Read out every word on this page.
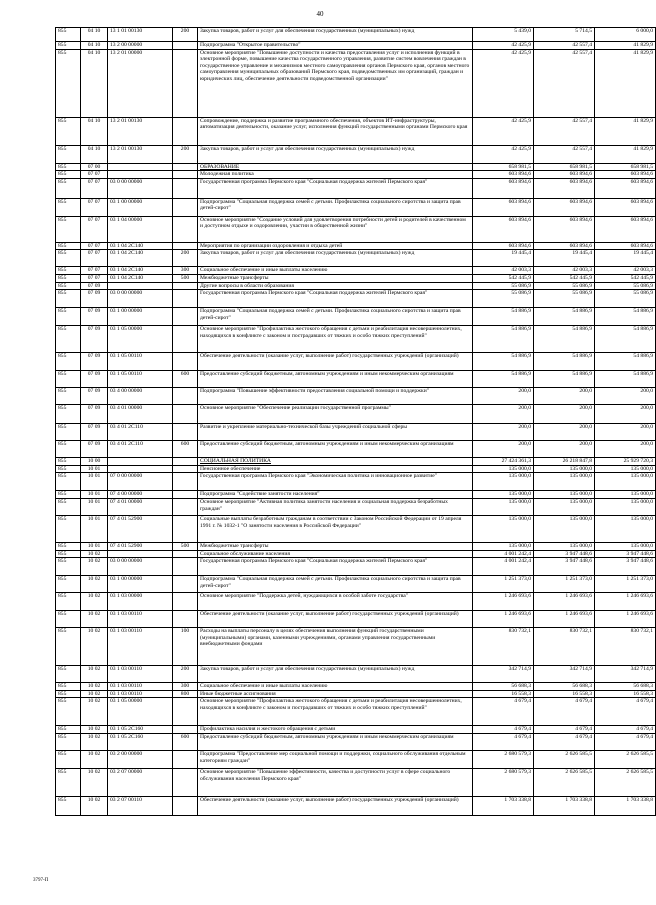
40
855	04 10	13 1 01 00130	200	Закупка товаров, работ и услуг для обеспечения государственных (муниципальных) нужд	5 439,0	5 714,5	6 000,0
855	04 10	13 2 00 00000		Подпрограмма "Открытое правительство"	42 425,9	42 557,4	41 829,9
855	04 10	13 2 01 00000		Основное мероприятие "Повышение доступности и качества предоставления услуг и исполнения функций в электронной форме, повышение качества государственного управления, развитие систем вовлечения граждан в государственное управление и механизмов местного самоуправления органов Пермского края, органов местного самоуправления муниципальных образований Пермского края, подведомственных им организаций, граждан и юридических лиц, обеспечение деятельности подведомственной организации"	42 425,9	42 557,4	41 829,9
855	04 10	13 2 01 00130		Сопровождение, поддержка и развитие программного обеспечения, объектов ИТ-инфраструктуры, автоматизация деятельности, оказание услуг, исполнения функций государственными органами Пермского края	42 425,9	42 557,4	41 829,9
855	04 10	13 2 01 00130	200	Закупка товаров, работ и услуг для обеспечения государственных (муниципальных) нужд	42 425,9	42 557,4	41 829,9
855	07 00			ОБРАЗОВАНИЕ	658 981,5	658 981,5	658 981,5
855	07 07			Молодежная политика	603 894,6	603 894,6	603 894,6
855	07 07	03 0 00 00000		Государственная программа Пермского края "Социальная поддержка жителей Пермского края"	603 894,6	603 894,6	603 894,6
855	07 07	03 1 00 00000		Подпрограмма "Социальная поддержка семей с детьми. Профилактика социального сиротства и защита прав детей-сирот"	603 894,6	603 894,6	603 894,6
855	07 07	03 1 04 00000		Основное мероприятие "Создание условий для удовлетворения потребности детей и родителей в качественном и доступном отдыхе и оздоровлении, участии в общественной жизни"	603 894,6	603 894,6	603 894,6
855	07 07	03 1 04 2С140		Мероприятия по организации оздоровления и отдыха детей	603 894,6	603 894,6	603 894,6
855	07 07	03 1 04 2С140	200	Закупка товаров, работ и услуг для обеспечения государственных (муниципальных) нужд	19 445,4	19 445,4	19 445,4
855	07 07	03 1 04 2С140	300	Социальное обеспечение и иные выплаты населению	42 003,3	42 003,3	42 003,3
855	07 07	03 1 04 2С140	500	Межбюджетные трансферты	542 445,9	542 445,9	542 445,9
855	07 09			Другие вопросы в области образования	55 086,9	55 086,9	55 086,9
855	07 09	03 0 00 00000		Государственная программа Пермского края "Социальная поддержка жителей Пермского края"	55 086,9	55 086,9	55 086,9
855	07 09	03 1 00 00000		Подпрограмма "Социальная поддержка семей с детьми. Профилактика социального сиротства и защита прав детей-сирот"	54 886,9	54 886,9	54 886,9
855	07 09	03 1 05 00000		Основное мероприятие "Профилактика жестокого обращения с детьми и реабилитация несовершеннолетних, находящихся в конфликте с законом и пострадавших от тяжких и особо тяжких преступлений"	54 886,9	54 886,9	54 886,9
855	07 09	03 1 05 00110		Обеспечение деятельности (оказание услуг, выполнение работ) государственных учреждений (организаций)	54 886,9	54 886,9	54 886,9
855	07 09	03 1 05 00110	600	Предоставление субсидий бюджетным, автономным учреждениям и иным некоммерческим организациям	54 886,9	54 886,9	54 886,9
855	07 09	03 4 00 00000		Подпрограмма "Повышение эффективности предоставления социальной помощи и поддержки"	200,0	200,0	200,0
855	07 09	03 4 01 00000		Основное мероприятие "Обеспечение реализации государственной программы"	200,0	200,0	200,0
855	07 09	03 4 01 2С110		Развитие и укрепление материально-технической базы учреждений социальной сферы	200,0	200,0	200,0
855	07 09	03 4 01 2С110	600	Предоставление субсидий бюджетным, автономным учреждениям и иным некоммерческим организациям	200,0	200,0	200,0
855	10 00			СОЦИАЛЬНАЯ ПОЛИТИКА	27 424 361,3	26 218 847,8	25 929 720,3
855	10 01			Пенсионное обеспечение	135 000,0	135 000,0	135 000,0
855	10 01	07 0 00 00000		Государственная программа Пермского края "Экономическая политика и инновационное развитие"	135 000,0	135 000,0	135 000,0
855	10 01	07 4 00 00000		Подпрограмма "Содействие занятости населения"	135 000,0	135 000,0	135 000,0
855	10 01	07 4 01 00000		Основное мероприятие "Активная политика занятости населения и социальная поддержка безработных граждан"	135 000,0	135 000,0	135 000,0
855	10 01	07 4 01 52900		Социальные выплаты безработным гражданам в соответствии с Законом Российской Федерации от 19 апреля 1991 г. № 1032-1 "О занятости населения в Российской Федерации"	135 000,0	135 000,0	135 000,0
855	10 01	07 4 01 52900	500	Межбюджетные трансферты	135 000,0	135 000,0	135 000,0
855	10 02			Социальное обслуживание населения	4 001 242,4	3 947 448,6	3 947 448,6
855	10 02	03 0 00 00000		Государственная программа Пермского края "Социальная поддержка жителей Пермского края"	4 001 242,4	3 947 448,6	3 947 448,6
855	10 02	03 1 00 00000		Подпрограмма "Социальная поддержка семей с детьми. Профилактика социального сиротства и защита прав детей-сирот"	1 251 373,0	1 251 373,0	1 251 373,0
855	10 02	03 1 03 00000		Основное мероприятие "Поддержка детей, нуждающихся в особой заботе государства"	1 246 693,6	1 246 693,6	1 246 693,6
855	10 02	03 1 03 00110		Обеспечение деятельности (оказание услуг, выполнение работ) государственных учреждений (организаций)	1 246 693,6	1 246 693,6	1 246 693,6
855	10 02	03 1 03 00110	100	Расходы на выплаты персоналу в целях обеспечения выполнения функций государственными (муниципальными) органами, казенными учреждениями, органами управления государственными внебюджетными фондами	830 732,1	830 732,1	830 732,1
855	10 02	03 1 03 00110	200	Закупка товаров, работ и услуг для обеспечения государственных (муниципальных) нужд	342 714,9	342 714,9	342 714,9
855	10 02	03 1 03 00110	300	Социальное обеспечение и иные выплаты населению	56 688,3	56 688,3	56 688,3
855	10 02	03 1 03 00110	800	Иные бюджетные ассигнования	16 558,3	16 558,3	16 558,3
855	10 02	03 1 05 00000		Основное мероприятие "Профилактика жестокого обращения с детьми и реабилитация несовершеннолетних, находящихся в конфликте с законом и пострадавших от тяжких и особо тяжких преступлений"	4 679,4	4 679,4	4 679,4
855	10 02	03 1 05 2С160		Профилактика насилия и жестокого обращения с детьми	4 679,4	4 679,4	4 679,4
855	10 02	03 1 05 2С160	600	Предоставление субсидий бюджетным, автономным учреждениям и иным некоммерческим организациям	4 679,4	4 679,4	4 679,4
855	10 02	03 2 00 00000		Подпрограмма "Предоставление мер социальной помощи и поддержки, социального обслуживания отдельным категориям граждан"	2 680 579,3	2 626 585,5	2 626 585,5
855	10 02	03 2 07 00000		Основное мероприятие "Повышение эффективности, качества и доступности услуг в сфере социального обслуживания населения Пермского края"	2 680 579,3	2 626 585,5	2 626 585,5
855	10 02	03 2 07 00110		Обеспечение деятельности (оказание услуг, выполнение работ) государственных учреждений (организаций)	1 703 338,8	1 703 338,8	1 703 338,8
3797-П
